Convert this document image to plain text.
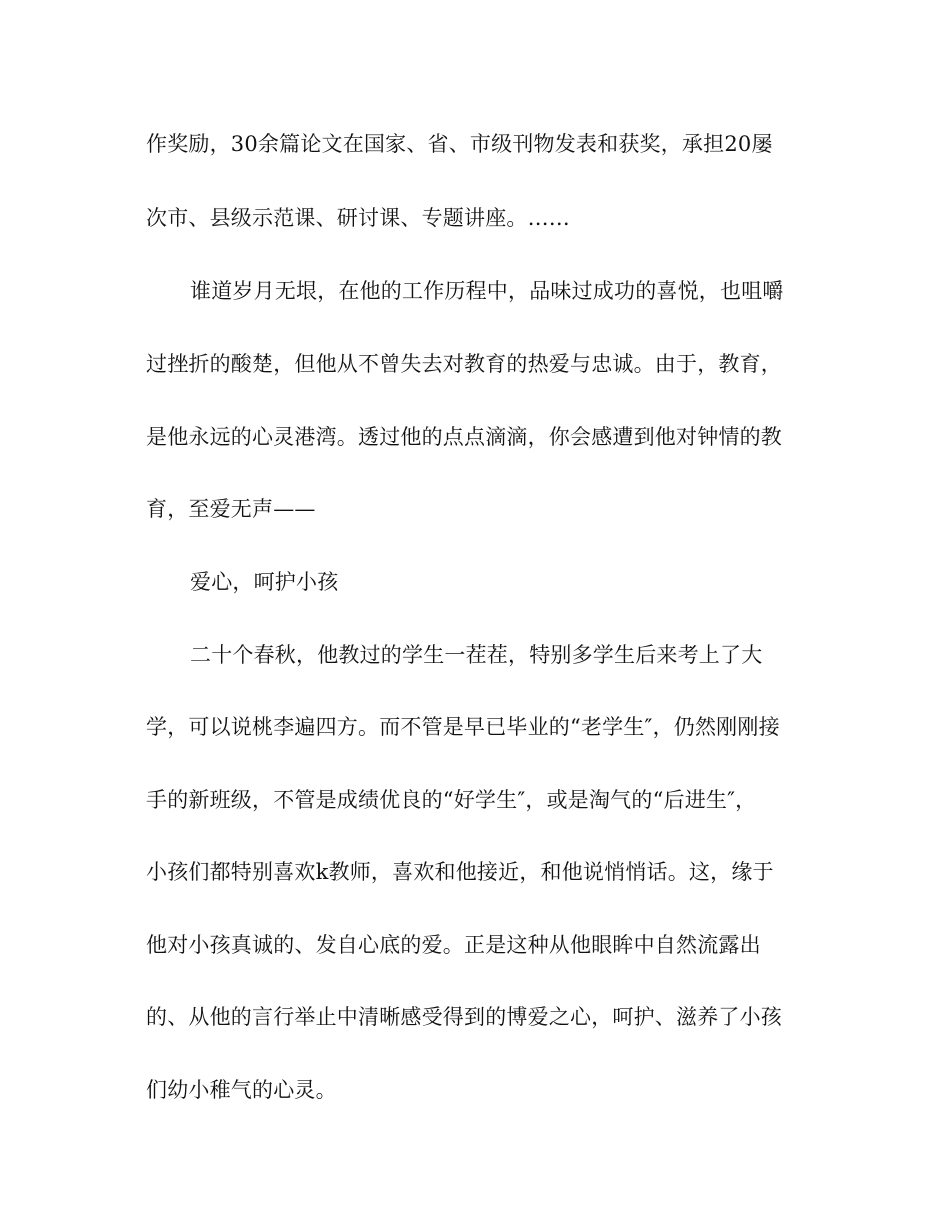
作奖励，30余篇论文在国家、省、市级刊物发表和获奖，承担20屡
次市、县级示范课、研讨课、专题讲座。……
谁道岁月无垠，在他的工作历程中，品味过成功的喜悦，也咀嚼
过挫折的酸楚，但他从不曾失去对教育的热爱与忠诚。由于，教育，
是他永远的心灵港湾。透过他的点点滴滴，你会感遭到他对钟情的教
育，至爱无声——
爱心，呵护小孩
二十个春秋，他教过的学生一茬茬，特别多学生后来考上了大
学，可以说桃李遍四方。而不管是早已毕业的“老学生″，仍然刚刚接
手的新班级，不管是成绩优良的“好学生″，或是淘气的“后进生″，
小孩们都特别喜欢k教师，喜欢和他接近，和他说悄悄话。这，缘于
他对小孩真诚的、发自心底的爱。正是这种从他眼眸中自然流露出
的、从他的言行举止中清晰感受得到的博爱之心，呵护、滋养了小孩
们幼小稚气的心灵。
